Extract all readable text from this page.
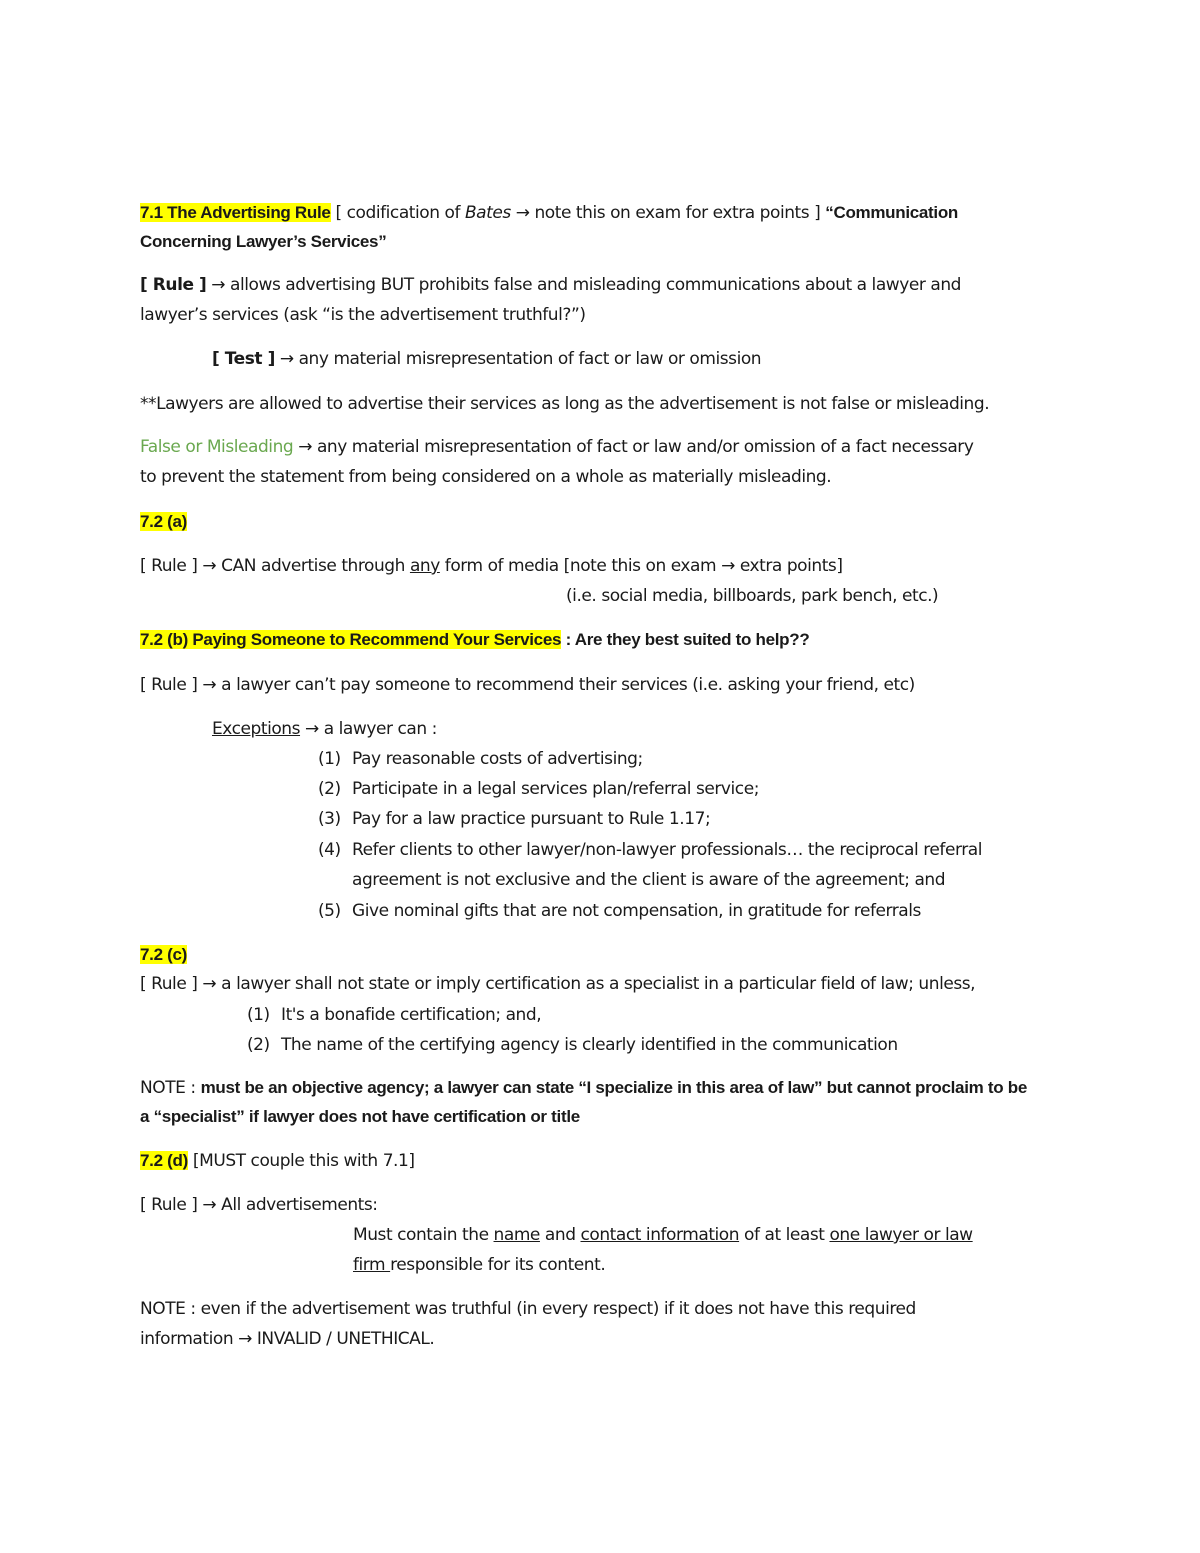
7.1 The Advertising Rule [ codification of Bates → note this on exam for extra points ] “Communication
Concerning Lawyer’s Services”
[ Rule ] → allows advertising BUT prohibits false and misleading communications about a lawyer and
lawyer’s services (ask “is the advertisement truthful?”)
[ Test ] → any material misrepresentation of fact or law or omission
**Lawyers are allowed to advertise their services as long as the advertisement is not false or misleading.
False or Misleading → any material misrepresentation of fact or law and/or omission of a fact necessary
to prevent the statement from being considered on a whole as materially misleading.
7.2 (a)
[ Rule ] → CAN advertise through any form of media [note this on exam → extra points]
(i.e. social media, billboards, park bench, etc.)
7.2 (b) Paying Someone to Recommend Your Services : Are they best suited to help??
[ Rule ] → a lawyer can’t pay someone to recommend their services (i.e. asking your friend, etc)
Exceptions → a lawyer can :
(1) Pay reasonable costs of advertising;
(2) Participate in a legal services plan/referral service;
(3) Pay for a law practice pursuant to Rule 1.17;
(4) Refer clients to other lawyer/non-lawyer professionals… the reciprocal referral
agreement is not exclusive and the client is aware of the agreement; and
(5) Give nominal gifts that are not compensation, in gratitude for referrals
7.2 (c)
[ Rule ] → a lawyer shall not state or imply certification as a specialist in a particular field of law; unless,
(1) It's a bonafide certification; and,
(2) The name of the certifying agency is clearly identified in the communication
NOTE : must be an objective agency; a lawyer can state “I specialize in this area of law” but cannot proclaim to be
a “specialist” if lawyer does not have certification or title
7.2 (d) [MUST couple this with 7.1]
[ Rule ] → All advertisements:
Must contain the name and contact information of at least one lawyer or law
firm responsible for its content.
NOTE : even if the advertisement was truthful (in every respect) if it does not have this required
information → INVALID / UNETHICAL.
